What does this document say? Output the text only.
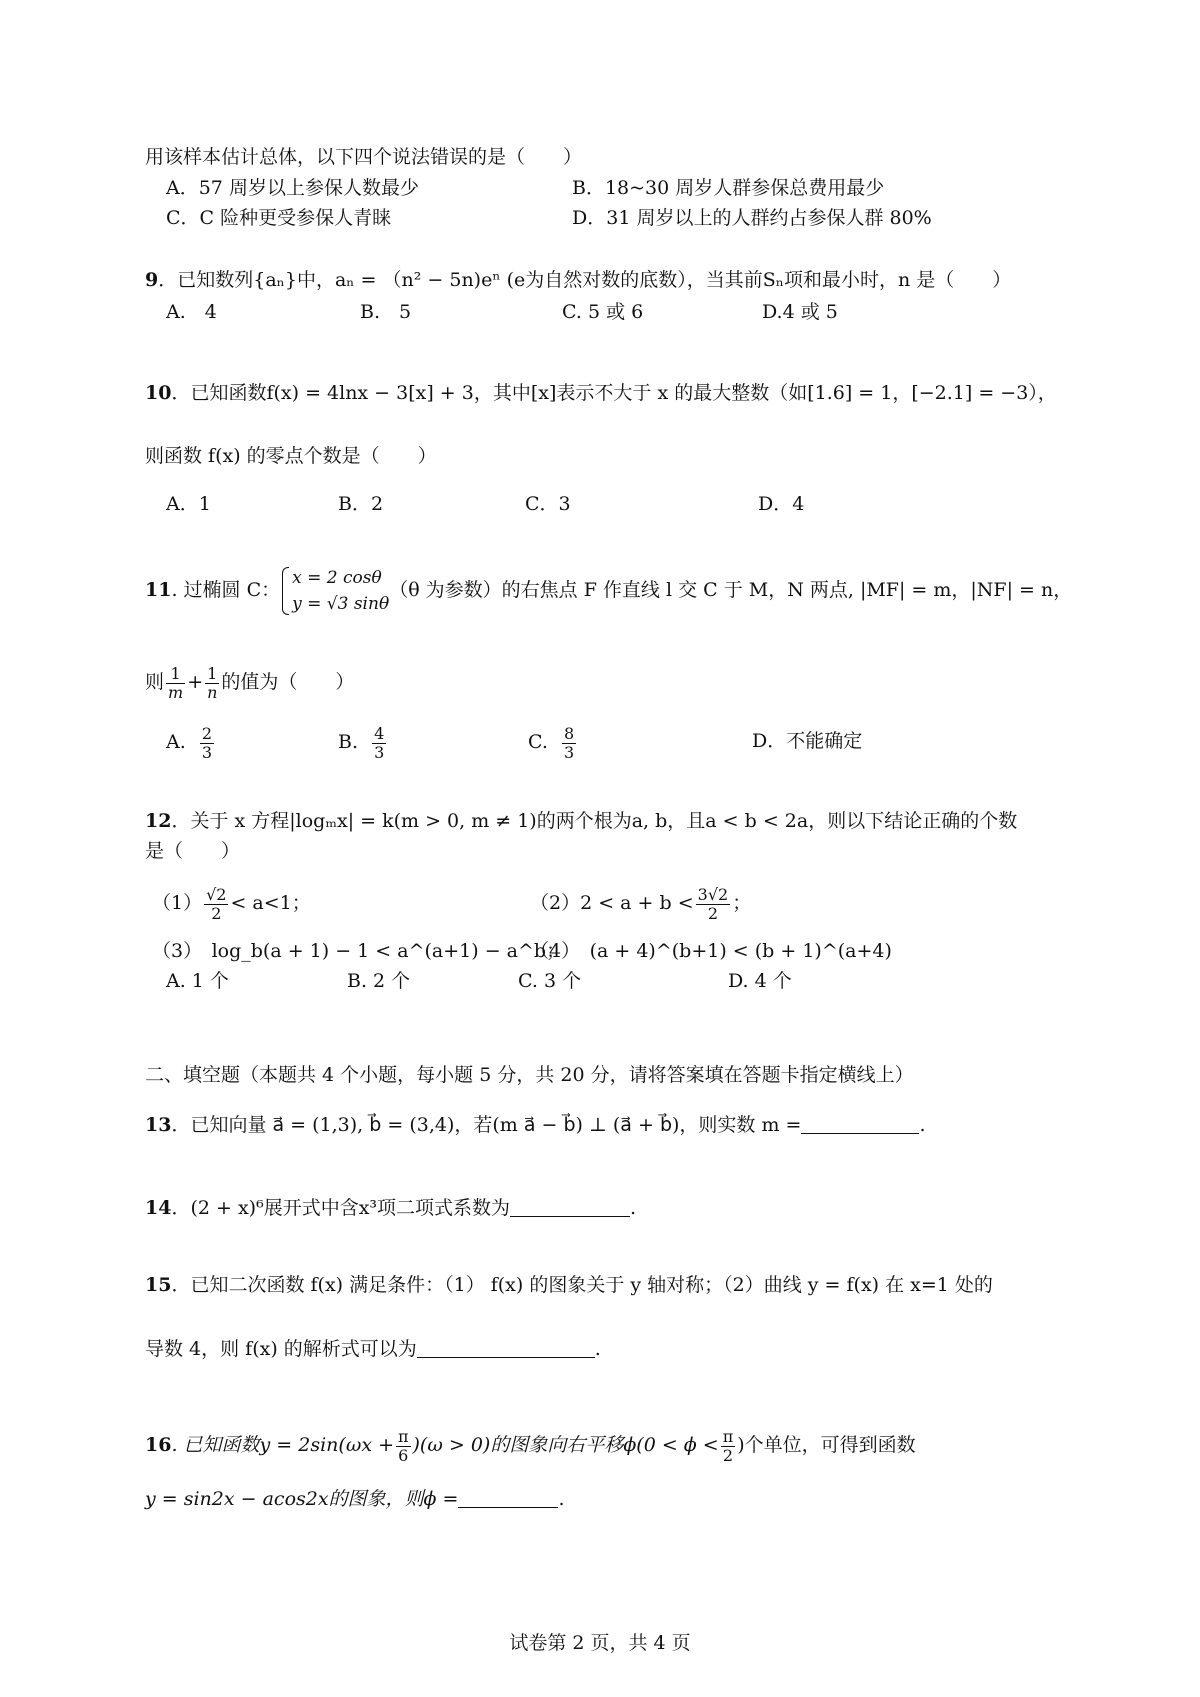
用该样本估计总体，以下四个说法错误的是（　　）
A．57 周岁以上参保人数最少	B．18~30 周岁人群参保总费用最少
C．C 险种更受参保人青睐	D．31 周岁以上的人群约占参保人群 80%
9．已知数列{aₙ}中，aₙ = （n² − 5n)eⁿ (e为自然对数的底数），当其前Sₙ项和最小时，n 是（　　）
A.　4	B.　5	C. 5 或 6	D.4 或 5
10．已知函数f(x) = 4lnx − 3[x] + 3，其中[x]表示不大于 x 的最大整数（如[1.6] = 1，[−2.1] = −3），
则函数 f(x) 的零点个数是（　　）
A．1	B．2	C．3	D．4
11. 过椭圆 C：
x = 2 cosθ
y = √3 sinθ
（θ 为参数）的右焦点 F 作直线 l 交 C 于 M，N 两点, |MF| = m，|NF| = n，
则 $\frac{1}{m} + \frac{1}{n}$ 的值为（　　）
A. $\frac{2}{3}$	B. $\frac{4}{3}$	C. $\frac{8}{3}$	D．不能确定
12．关于 x 方程|logₘx| = k(m > 0, m ≠ 1)的两个根为a, b，且a < b < 2a，则以下结论正确的个数
是（　　）
$(1) \frac{√2}{2} < a<1$；	$(2)2 < a + b < \frac{3√2}{2}$ ；
（3）　log_b(a + 1) − 1 < a^(a+1) − a^b；
（4）　(a + 4)^(b+1) < (b + 1)^(a+4)
A. 1 个	B. 2 个	C. 3 个	D. 4 个
二、填空题（本题共 4 个小题，每小题 5 分，共 20 分，请将答案填在答题卡指定横线上）
13．已知向量 a⃗ = (1,3), b⃗ = (3,4)，若(m a⃗ − b⃗) ⊥ (a⃗ + b⃗)，则实数 m =	.
14．(2 + x)⁶展开式中含x³项二项式系数为	.
15．已知二次函数 f(x) 满足条件：（1） f(x) 的图象关于 y 轴对称；（2）曲线 y = f(x) 在 x=1 处的
导数 4，则 f(x) 的解析式可以为	.
16. 已知函数$y = 2\sin(\omega x + \frac{\pi}{6} )(\omega > 0)$的图象向右平移$\phi(0 < \phi < \frac{\pi}{2}$ )个单位，可得到函数
y = sin2x − acos2x的图象，则ϕ =	.
试卷第 2 页，共 4 页
